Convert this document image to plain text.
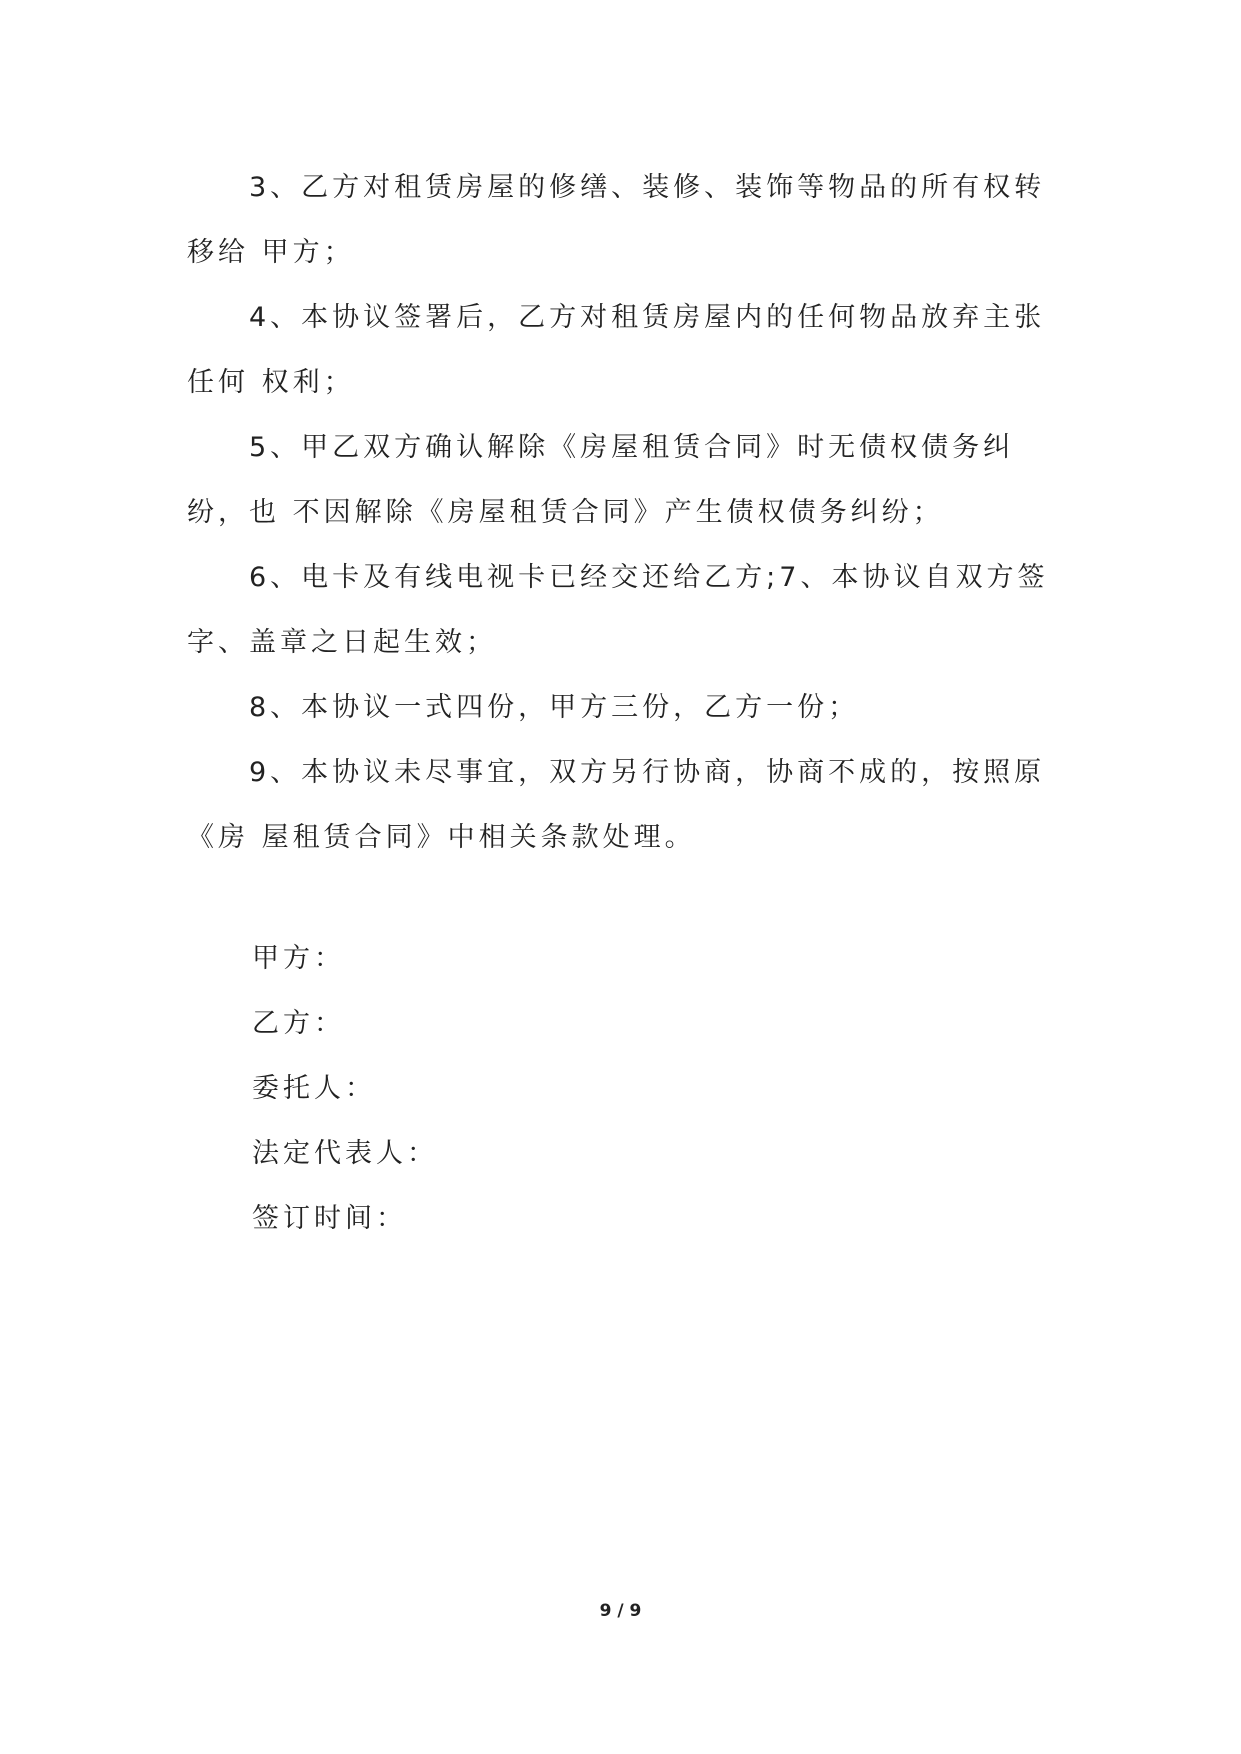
3、乙方对租赁房屋的修缮、装修、装饰等物品的所有权转移给 甲方；

4、本协议签署后，乙方对租赁房屋内的任何物品放弃主张任何 权利；

5、甲乙双方确认解除《房屋租赁合同》时无债权债务纠纷，也 不因解除《房屋租赁合同》产生债权债务纠纷；

6、电卡及有线电视卡已经交还给乙方;7、本协议自双方签字、盖章之日起生效；

8、本协议一式四份，甲方三份，乙方一份；

9、本协议未尽事宜，双方另行协商，协商不成的，按照原《房 屋租赁合同》中相关条款处理。

甲方：

乙方：

委托人：

法定代表人：

签订时间：

9 / 9
